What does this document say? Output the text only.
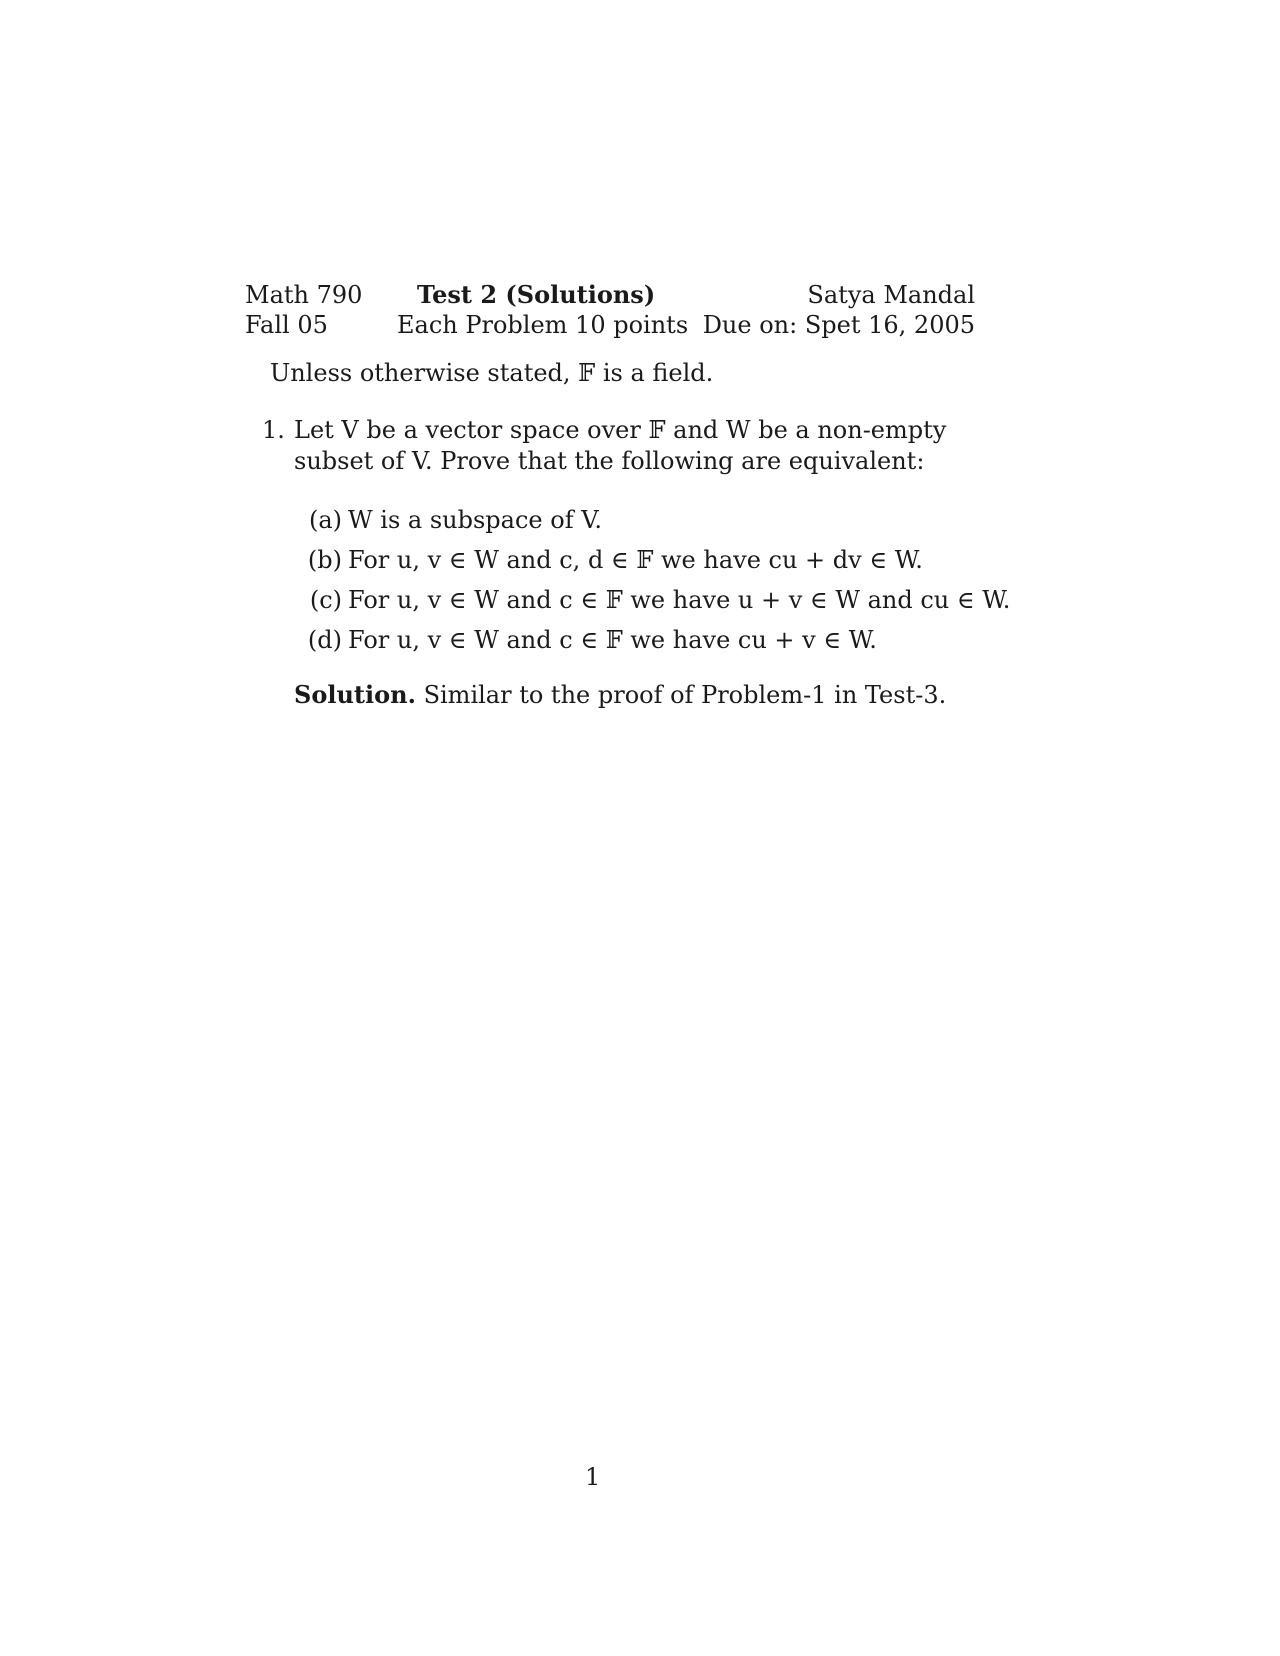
Math 790
Fall 05
Test 2 (Solutions)
Each Problem 10 points
Satya Mandal
Due on: Spet 16, 2005
Unless otherwise stated, 𝔽 is a field.
1. Let V be a vector space over 𝔽 and W be a non-empty subset of V. Prove that the following are equivalent:
(a) W is a subspace of V.
(b) For u, v ∈ W and c, d ∈ 𝔽 we have cu + dv ∈ W.
(c) For u, v ∈ W and c ∈ 𝔽 we have u + v ∈ W and cu ∈ W.
(d) For u, v ∈ W and c ∈ 𝔽 we have cu + v ∈ W.
Solution. Similar to the proof of Problem-1 in Test-3.
1
